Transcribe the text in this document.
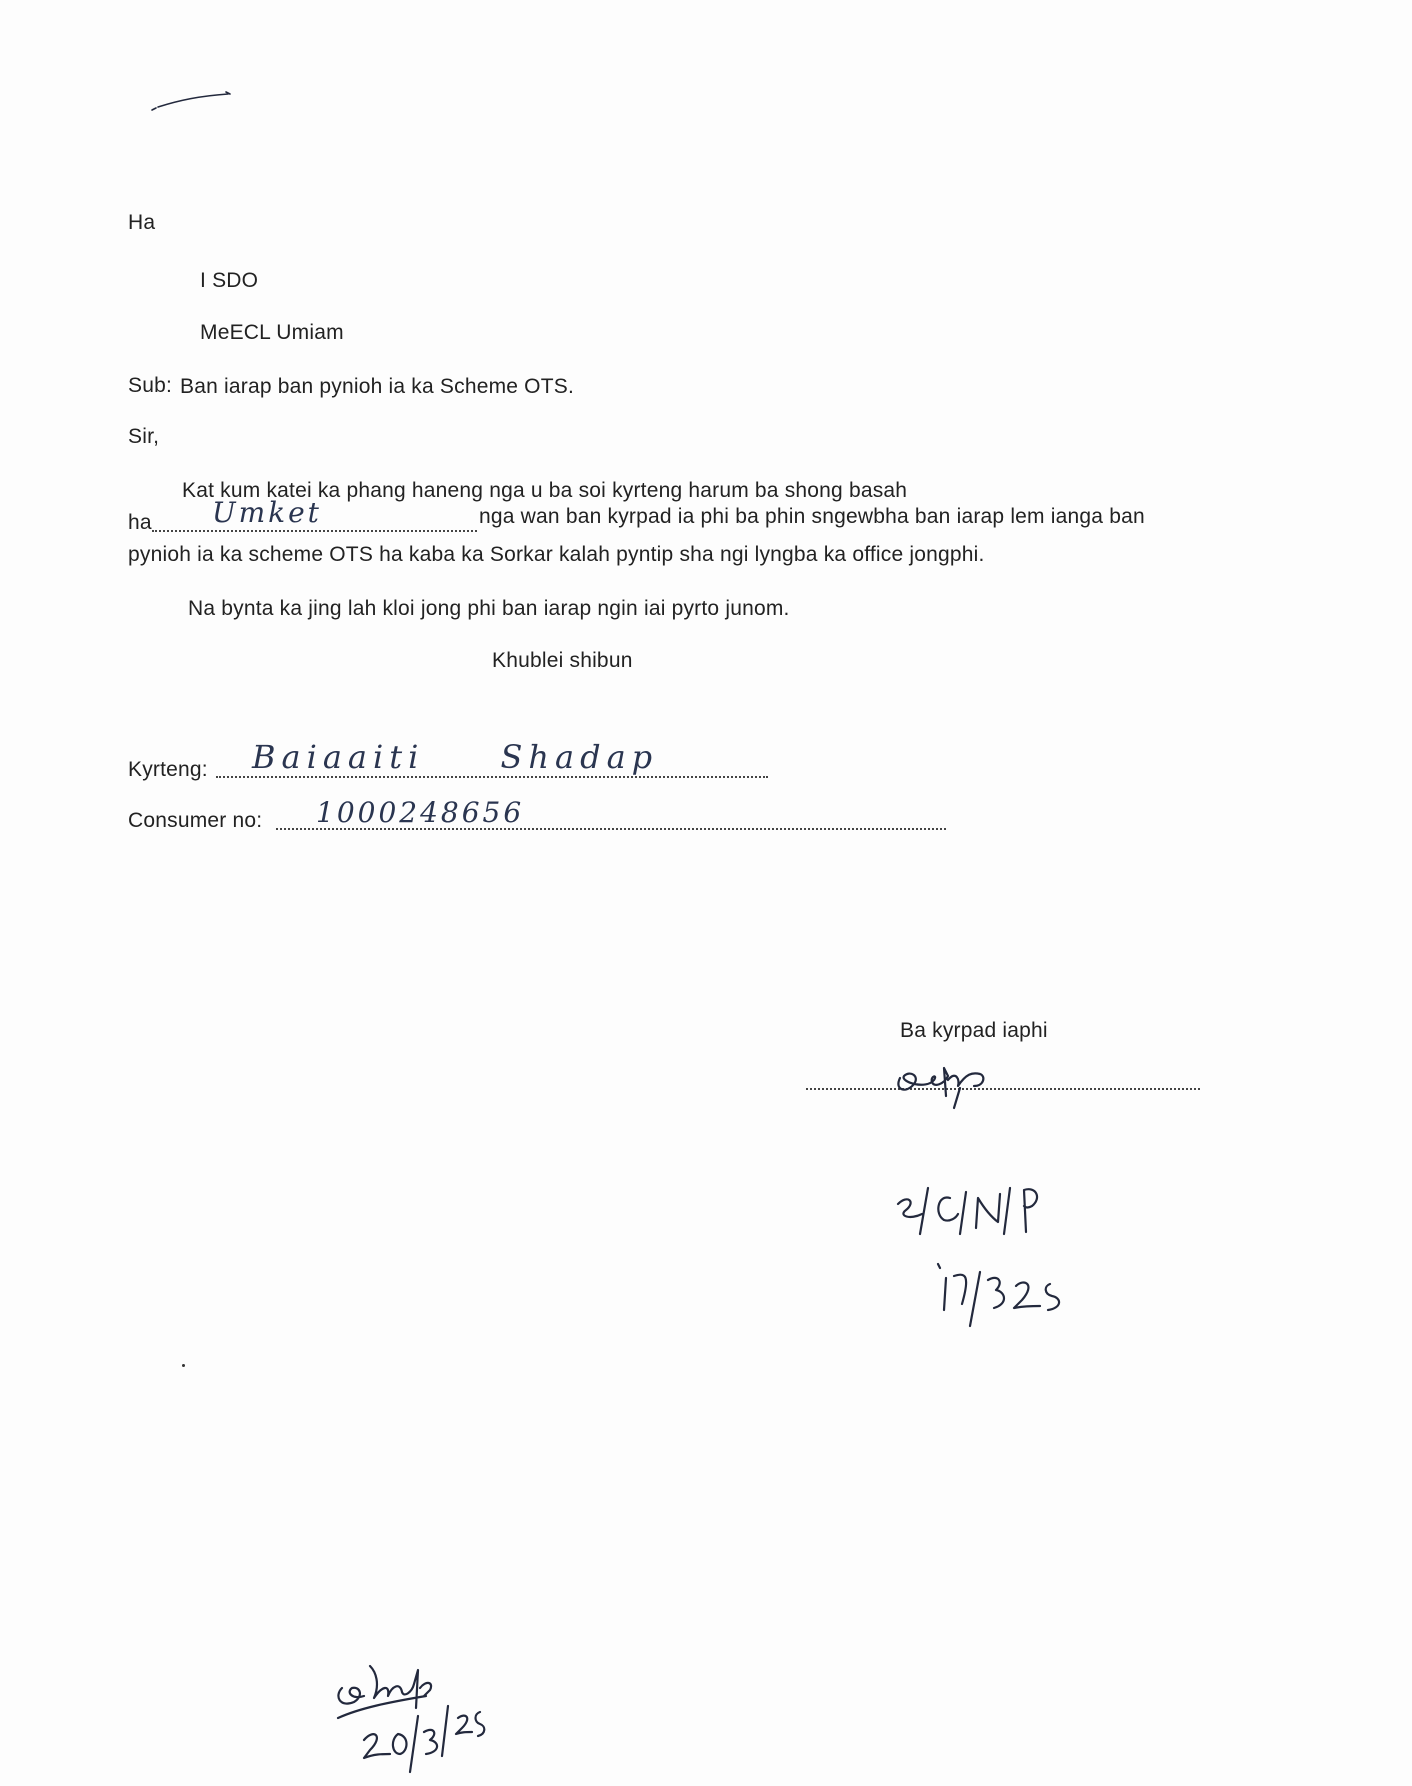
Ha
I SDO
MeECL Umiam
Sub: Ban iarap ban pynioh ia ka Scheme OTS.
Sir,
Kat kum katei ka phang haneng nga u ba soi kyrteng harum ba shong basah
ha Umket	nga wan ban kyrpad ia phi ba phin sngewbha ban iarap lem ianga ban
pynioh ia ka scheme OTS ha kaba ka Sorkar kalah pyntip sha ngi lyngba ka office jongphi.
Na bynta ka jing lah kloi jong phi ban iarap ngin iai pyrto junom.
Khublei shibun
Kyrteng: Baiaaiti Shadap
Consumer no: 1000248656
Ba kyrpad iaphi
